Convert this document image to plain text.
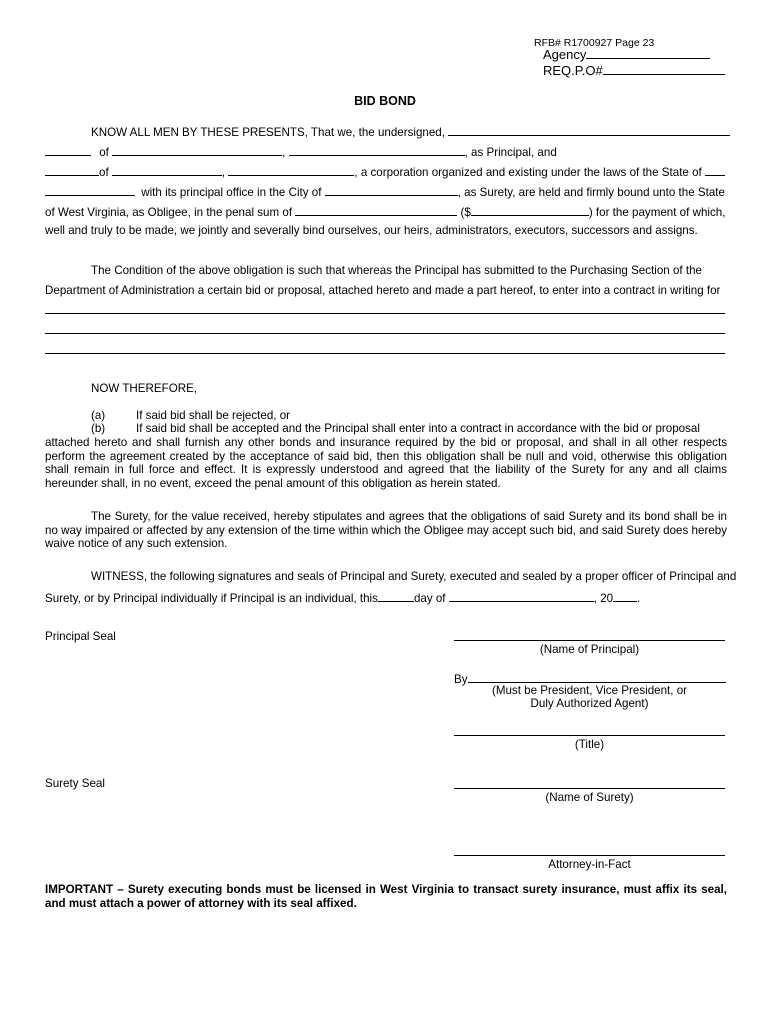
RFB# R1700927 Page 23
Agency
REQ.P.O#
BID BOND
KNOW ALL MEN BY THESE PRESENTS, That we, the undersigned,
of	,	, as Principal, and
of	,	, a corporation organized and existing under the laws of the State of
with its principal office in the City of	, as Surety, are held and firmly bound unto the State
of West Virginia, as Obligee, in the penal sum of	($	) for the payment of which,
well and truly to be made, we jointly and severally bind ourselves, our heirs, administrators, executors, successors and assigns.
The Condition of the above obligation is such that whereas the Principal has submitted to the Purchasing Section of the
Department of Administration a certain bid or proposal, attached hereto and made a part hereof, to enter into a contract in writing for
NOW THEREFORE,
(a)	If said bid shall be rejected, or
(b)	If said bid shall be accepted and the Principal shall enter into a contract in accordance with the bid or proposal
attached hereto and shall furnish any other bonds and insurance required by the bid or proposal, and shall in all other respects perform the agreement created by the acceptance of said bid, then this obligation shall be null and void, otherwise this obligation shall remain in full force and effect. It is expressly understood and agreed that the liability of the Surety for any and all claims hereunder shall, in no event, exceed the penal amount of this obligation as herein stated.
The Surety, for the value received, hereby stipulates and agrees that the obligations of said Surety and its bond shall be in no way impaired or affected by any extension of the time within which the Obligee may accept such bid, and said Surety does hereby waive notice of any such extension.
WITNESS, the following signatures and seals of Principal and Surety, executed and sealed by a proper officer of Principal and
Surety, or by Principal individually if Principal is an individual, this	day of	, 20 .
Principal Seal
(Name of Principal)
By
(Must be President, Vice President, or
Duly Authorized Agent)
(Title)
Surety Seal
(Name of Surety)
Attorney-in-Fact
IMPORTANT – Surety executing bonds must be licensed in West Virginia to transact surety insurance, must affix its seal, and must attach a power of attorney with its seal affixed.
